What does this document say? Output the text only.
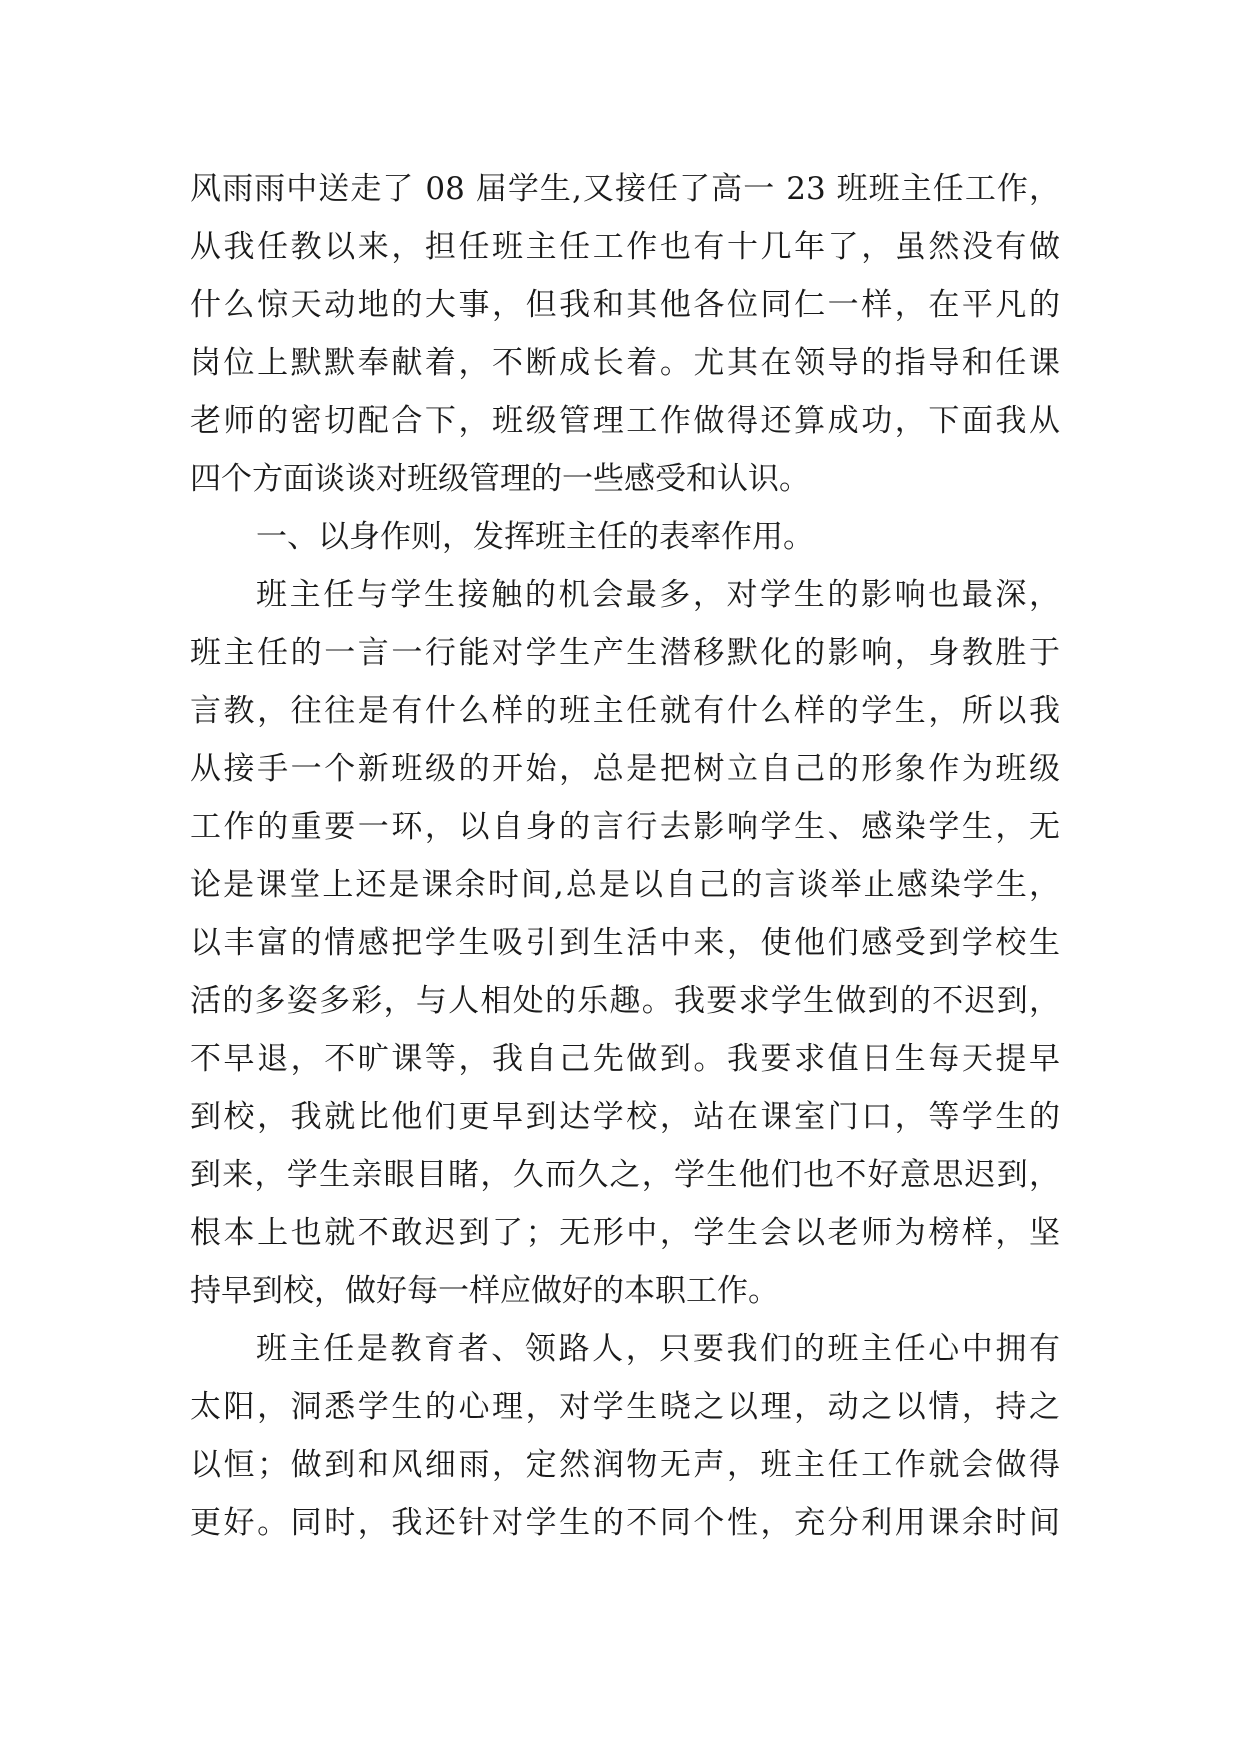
风雨雨中送走了 08 届学生,又接任了高一 23 班班主任工作，
从我任教以来，担任班主任工作也有十几年了，虽然没有做
什么惊天动地的大事，但我和其他各位同仁一样，在平凡的
岗位上默默奉献着，不断成长着。尤其在领导的指导和任课
老师的密切配合下，班级管理工作做得还算成功，下面我从
四个方面谈谈对班级管理的一些感受和认识。
一、以身作则，发挥班主任的表率作用。
班主任与学生接触的机会最多，对学生的影响也最深，
班主任的一言一行能对学生产生潜移默化的影响，身教胜于
言教，往往是有什么样的班主任就有什么样的学生，所以我
从接手一个新班级的开始，总是把树立自己的形象作为班级
工作的重要一环，以自身的言行去影响学生、感染学生，无
论是课堂上还是课余时间,总是以自己的言谈举止感染学生，
以丰富的情感把学生吸引到生活中来，使他们感受到学校生
活的多姿多彩，与人相处的乐趣。我要求学生做到的不迟到，
不早退，不旷课等，我自己先做到。我要求值日生每天提早
到校，我就比他们更早到达学校，站在课室门口，等学生的
到来，学生亲眼目睹，久而久之，学生他们也不好意思迟到，
根本上也就不敢迟到了；无形中，学生会以老师为榜样，坚
持早到校，做好每一样应做好的本职工作。
班主任是教育者、领路人，只要我们的班主任心中拥有
太阳，洞悉学生的心理，对学生晓之以理，动之以情，持之
以恒；做到和风细雨，定然润物无声，班主任工作就会做得
更好。同时，我还针对学生的不同个性，充分利用课余时间
